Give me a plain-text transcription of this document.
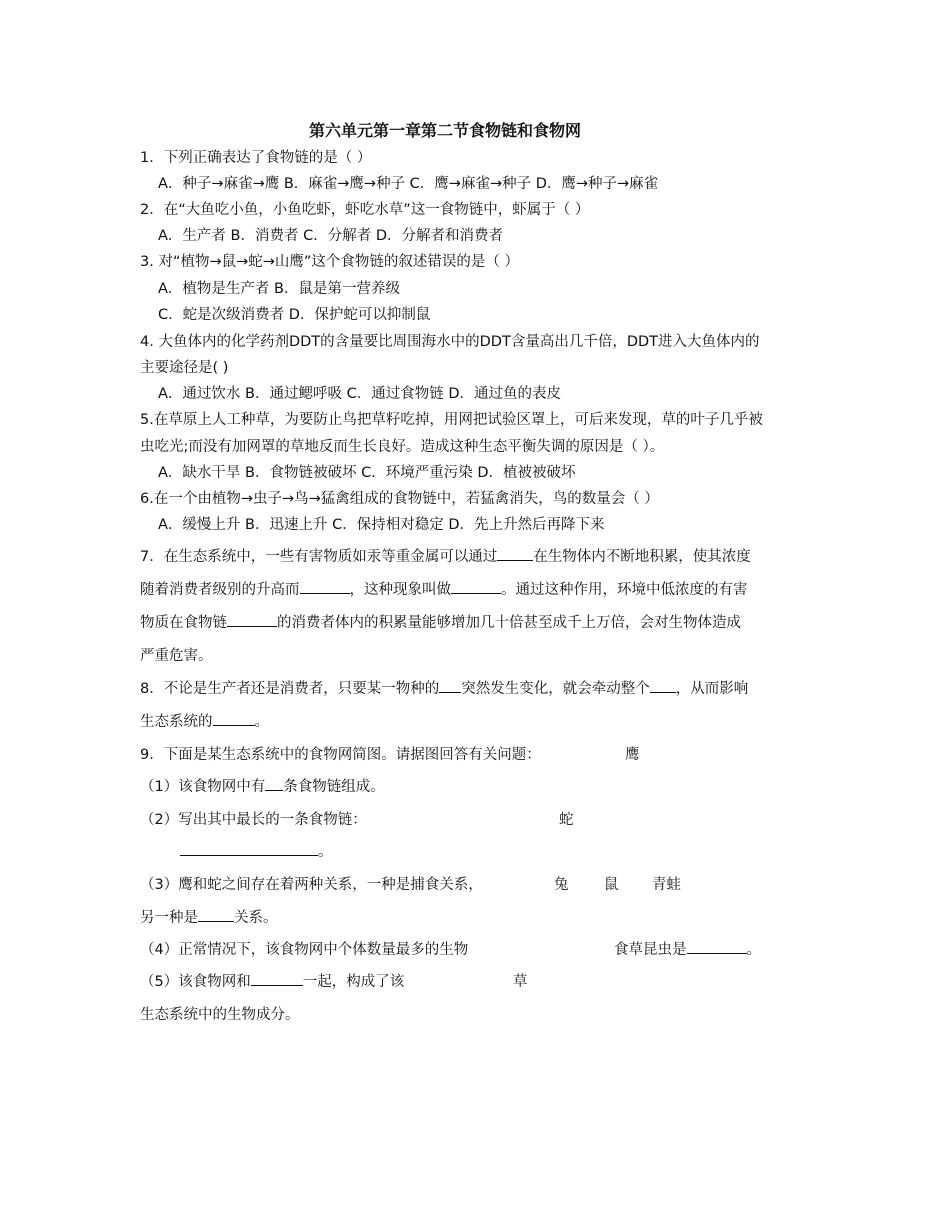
第六单元第一章第二节食物链和食物网
1．下列正确表达了食物链的是（ ）
A．种子→麻雀→鹰 B．麻雀→鹰→种子 C．鹰→麻雀→种子 D．鹰→种子→麻雀
2．在“大鱼吃小鱼，小鱼吃虾，虾吃水草”这一食物链中，虾属于（ ）
A．生产者 B．消费者 C．分解者 D．分解者和消费者
3. 对“植物→鼠→蛇→山鹰”这个食物链的叙述错误的是（ ）
A．植物是生产者 B．鼠是第一营养级
C．蛇是次级消费者 D．保护蛇可以抑制鼠
4. 大鱼体内的化学药剂DDT的含量要比周围海水中的DDT含量高出几千倍，DDT进入大鱼体内的
主要途径是( )
A．通过饮水 B．通过鳃呼吸 C．通过食物链 D．通过鱼的表皮
5.在草原上人工种草，为要防止鸟把草籽吃掉，用网把试验区罩上，可后来发现，草的叶子几乎被
虫吃光;而没有加网罩的草地反而生长良好。造成这种生态平衡失调的原因是（ ）。
A．缺水干旱 B．食物链被破坏 C．环境严重污染 D．植被被破坏
6.在一个由植物→虫子→鸟→猛禽组成的食物链中，若猛禽消失，鸟的数量会（ ）
A．缓慢上升 B．迅速上升 C．保持相对稳定 D．先上升然后再降下来
7．在生态系统中，一些有害物质如汞等重金属可以通过 在生物体内不断地积累，使其浓度
随着消费者级别的升高而	，这种现象叫做	。通过这种作用，环境中低浓度的有害
物质在食物链	的消费者体内的积累量能够增加几十倍甚至成千上万倍，会对生物体造成
严重危害。
8．不论是生产者还是消费者，只要某一物种的 突然发生变化，就会牵动整个 ，从而影响
生态系统的	。
9．下面是某生态系统中的食物网简图。请据图回答有关问题：
（1）该食物网中有 条食物链组成。
（2）写出其中最长的一条食物链：
。
（3）鹰和蛇之间存在着两种关系，一种是捕食关系，
另一种是 关系。
（4）正常情况下，该食物网中个体数量最多的生物	食草昆虫是	。
（5）该食物网和	一起，构成了该
生态系统中的生物成分。
鹰
蛇
兔 鼠 青蛙
草
